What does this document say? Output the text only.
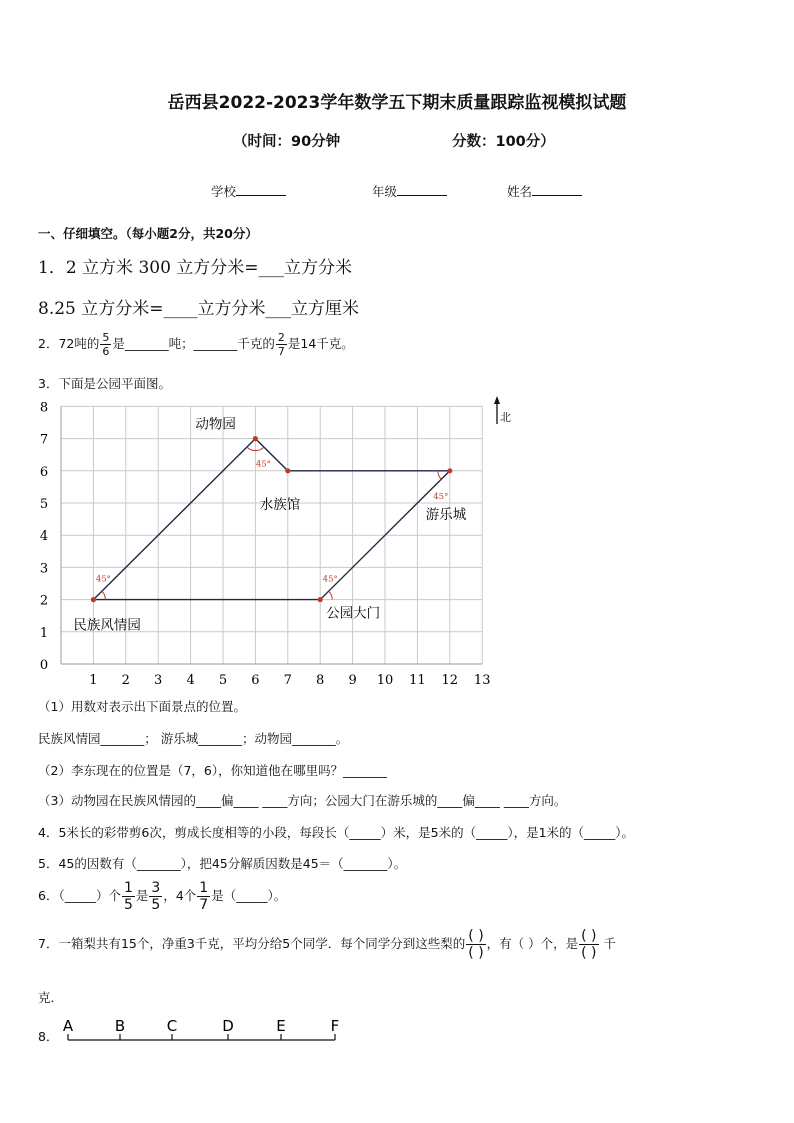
岳西县2022-2023学年数学五下期末质量跟踪监视模拟试题
（时间：90分钟	分数：100分）
学校	年级	姓名
一、仔细填空。（每小题2分，共20分）
1．2 立方米 300 立方分米=___立方分米
8.25 立方分米=____立方分米___立方厘米
2．72吨的 $\frac{5}{6}$ 是_______吨；_______千克的 $\frac{2}{7}$ 是14千克。
3．下面是公园平面图。
1 2 3 4 5 6 7 8 9 10 11 12 13
1
2
3
4
5
6
7
8
0
45°	45°
45°
45°
民族风情园
动物园
水族馆
游乐城
公园大门
北
（1）用数对表示出下面景点的位置。
民族风情园_______； 游乐城_______；动物园_______。
（2）李东现在的位置是（7，6），你知道他在哪里吗？_______
（3）动物园在民族风情园的____偏____ ____方向；公园大门在游乐城的____偏____ ____方向。
4．5米长的彩带剪6次，剪成长度相等的小段，每段长（_____）米，是5米的（_____），是1米的（_____）。
5．45的因数有（_______），把45分解质因数是45＝（_______）。
6．（_____）个 $\frac{1}{5}$ 是 $\frac{3}{5}$ ，4个 $\frac{1}{7}$ 是（_____）。
7．一箱梨共有15个，净重3千克，平均分给5个同学．每个同学分到这些梨的 $\frac{( )}{( )}$ ，有（ ）个，是 $\frac{( )}{( )}$ 千
克．
8．
A	B	C	D	E	F
